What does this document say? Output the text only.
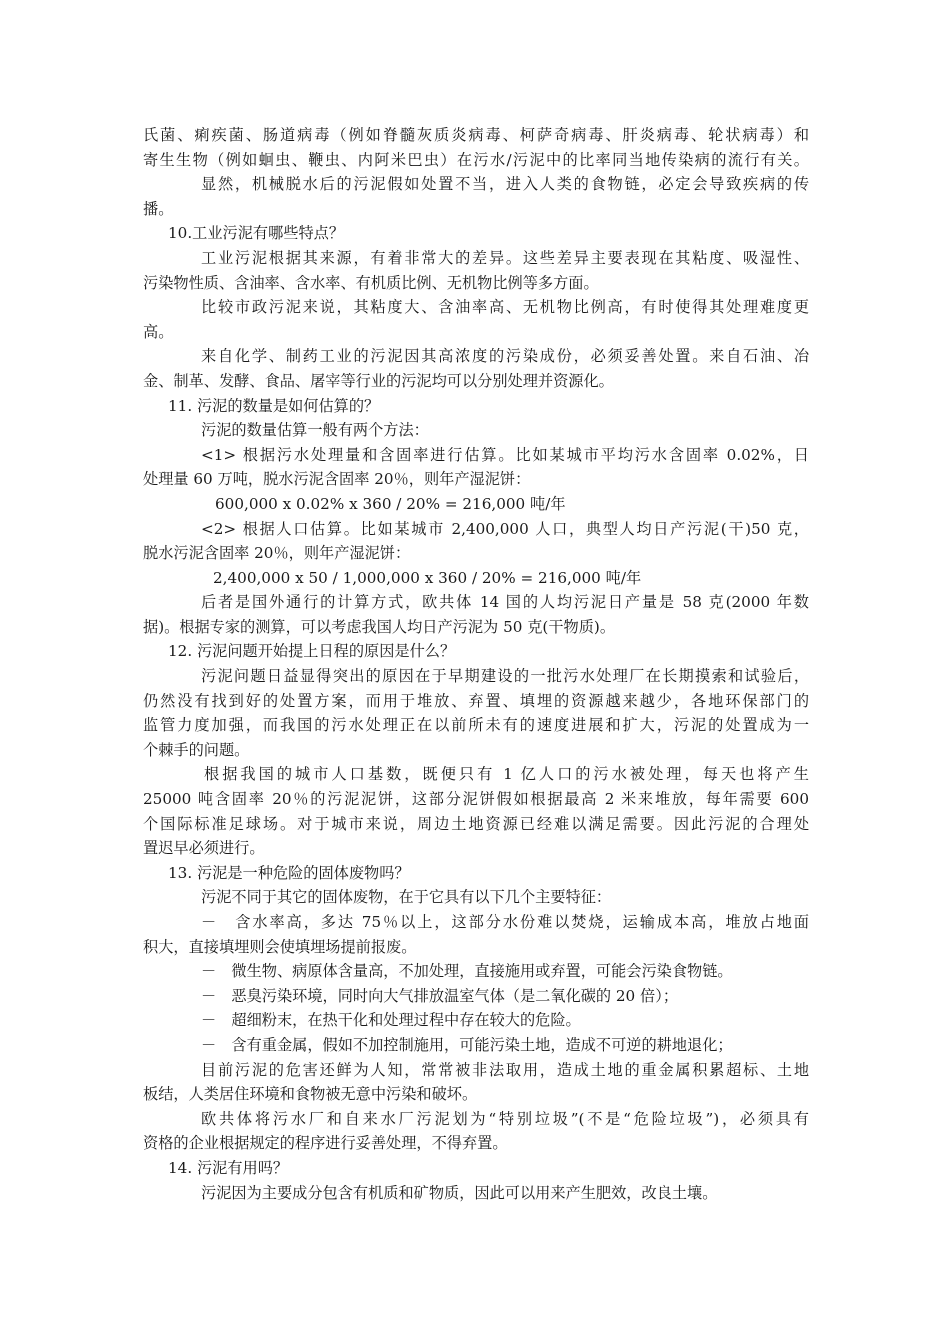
氏菌、痢疾菌、肠道病毒（例如脊髓灰质炎病毒、柯萨奇病毒、肝炎病毒、轮状病毒）和
寄生生物（例如蛔虫、鞭虫、内阿米巴虫）在污水/污泥中的比率同当地传染病的流行有关。
显然，机械脱水后的污泥假如处置不当，进入人类的食物链，必定会导致疾病的传
播。
10.工业污泥有哪些特点？
工业污泥根据其来源，有着非常大的差异。这些差异主要表现在其粘度、吸湿性、
污染物性质、含油率、含水率、有机质比例、无机物比例等多方面。
比较市政污泥来说，其粘度大、含油率高、无机物比例高，有时使得其处理难度更
高。
来自化学、制药工业的污泥因其高浓度的污染成份，必须妥善处置。来自石油、冶
金、制革、发酵、食品、屠宰等行业的污泥均可以分别处理并资源化。
11. 污泥的数量是如何估算的？
污泥的数量估算一般有两个方法：
<1> 根据污水处理量和含固率进行估算。比如某城市平均污水含固率 0.02%，日
处理量 60 万吨，脱水污泥含固率 20％，则年产湿泥饼：
600,000 x 0.02% x 360 / 20% = 216,000 吨/年
<2> 根据人口估算。比如某城市 2,400,000 人口，典型人均日产污泥(干)50 克，
脱水污泥含固率 20％，则年产湿泥饼：
2,400,000 x 50 / 1,000,000 x 360 / 20% = 216,000 吨/年
后者是国外通行的计算方式，欧共体 14 国的人均污泥日产量是 58 克(2000 年数
据)。根据专家的测算，可以考虑我国人均日产污泥为 50 克(干物质)。
12. 污泥问题开始提上日程的原因是什么？
污泥问题日益显得突出的原因在于早期建设的一批污水处理厂在长期摸索和试验后，
仍然没有找到好的处置方案，而用于堆放、弃置、填埋的资源越来越少，各地环保部门的
监管力度加强，而我国的污水处理正在以前所未有的速度进展和扩大，污泥的处置成为一
个棘手的问题。
根据我国的城市人口基数，既便只有 1 亿人口的污水被处理，每天也将产生
25000 吨含固率 20％的污泥泥饼，这部分泥饼假如根据最高 2 米来堆放，每年需要 600
个国际标准足球场。对于城市来说，周边土地资源已经难以满足需要。因此污泥的合理处
置迟早必须进行。
13. 污泥是一种危险的固体废物吗？
污泥不同于其它的固体废物，在于它具有以下几个主要特征：
－　含水率高，多达 75％以上，这部分水份难以焚烧，运输成本高，堆放占地面
积大，直接填埋则会使填埋场提前报废。
－　微生物、病原体含量高，不加处理，直接施用或弃置，可能会污染食物链。
－　恶臭污染环境，同时向大气排放温室气体（是二氧化碳的 20 倍）；
－　超细粉末，在热干化和处理过程中存在较大的危险。
－　含有重金属，假如不加控制施用，可能污染土地，造成不可逆的耕地退化；
目前污泥的危害还鲜为人知，常常被非法取用，造成土地的重金属积累超标、土地
板结，人类居住环境和食物被无意中污染和破坏。
欧共体将污水厂和自来水厂污泥划为“特别垃圾”(不是“危险垃圾”)，必须具有
资格的企业根据规定的程序进行妥善处理，不得弃置。
14. 污泥有用吗？
污泥因为主要成分包含有机质和矿物质，因此可以用来产生肥效，改良土壤。
